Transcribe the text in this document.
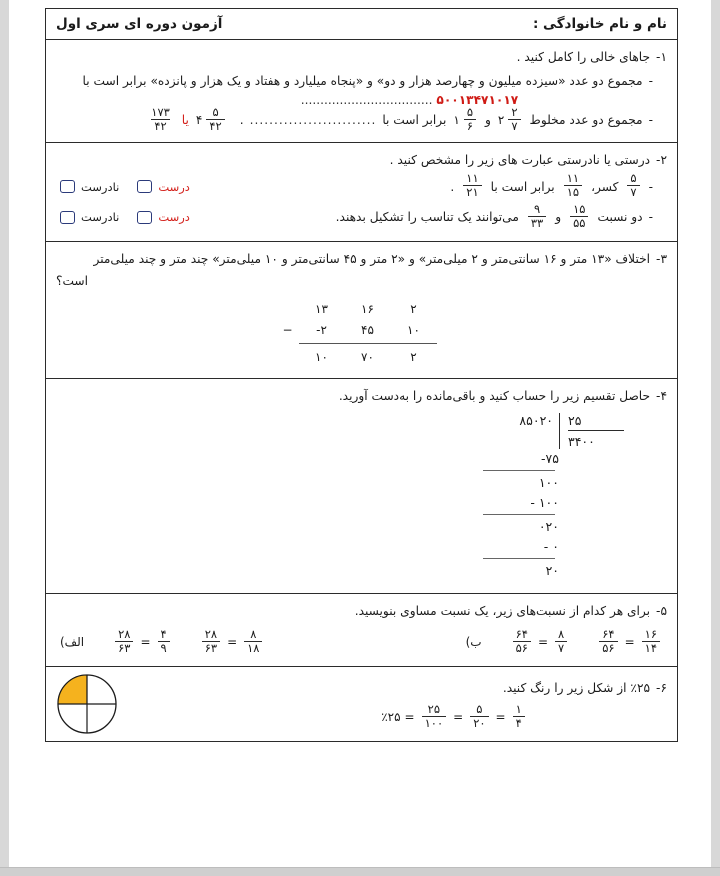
نام و نام خانوادگی :
آزمون دوره ای سری اول
۱-
جاهای خالی را کامل کنید .
-
مجموع دو عدد «سیزده میلیون و چهارصد هزار و دو» و «پنجاه میلیارد و هفتاد و یک هزار و پانزده» برابر است با
۵۰۰۱۳۴۷۱۰۱۷ ..................................
-
مجموع دو عدد مخلوط
۲ $\frac{۲}{۷}$
و
۱ $\frac{۵}{۶}$
برابر است با
..........................
.
۴ $\frac{۵}{۴۲}$
یا
$\frac{۱۷۳}{۴۲}$
۲-
درستی یا نادرستی عبارت های زیر را مشخص کنید .
-
$\frac{۵}{۷}$
کسر،
$\frac{۱۱}{۱۵}$
برابر است با
$\frac{۱۱}{۲۱}$
.
درست
نادرست
-
دو نسبت
$\frac{۱۵}{۵۵}$
و
$\frac{۹}{۳۳}$
می‌توانند یک تناسب را تشکیل بدهند.
درست
نادرست
۳-
اختلاف «۱۳ متر و ۱۶ سانتی‌متر و ۲ میلی‌متر» و «۲ متر و ۴۵ سانتی‌متر و ۱۰ میلی‌متر» چند متر و چند میلی‌متر
است؟
۱۳	۱۶	۲
−	-۲	۴۵	۱۰
۱۰	۷۰	۲
۴-
حاصل تقسیم زیر را حساب کنید و باقی‌مانده را به‌دست آورید.
۸۵۰۲۰	۲۵
۳۴۰۰
-۷۵
۱۰۰
- ۱۰۰
۰۲۰
- ۰
۲۰
۵-
برای هر کدام از نسبت‌های زیر، یک نسبت مساوی بنویسید.
$\frac{۶۴}{۵۶} = \frac{۱۶}{۱۴}$
$\frac{۶۴}{۵۶} = \frac{۸}{۷}$
ب)
$\frac{۲۸}{۶۳} = \frac{۸}{۱۸}$
$\frac{۲۸}{۶۳} = \frac{۴}{۹}$
الف)
۶-
٪۲۵ از شکل زیر را رنگ کنید.
٪۲۵ = $\frac{۲۵}{۱۰۰} = \frac{۵}{۲۰} = \frac{۱}{۴}$
